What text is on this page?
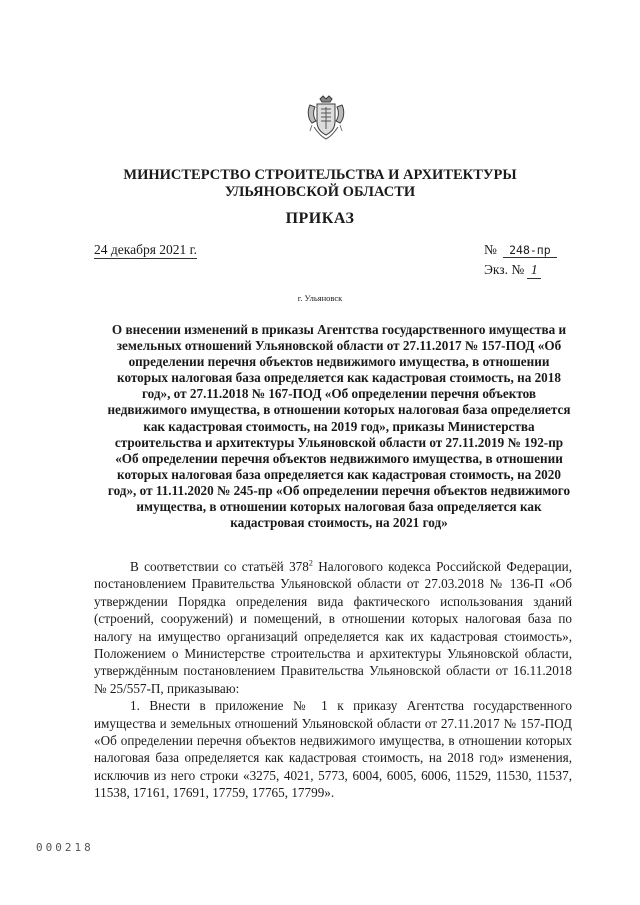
МИНИСТЕРСТВО СТРОИТЕЛЬСТВА И АРХИТЕКТУРЫ
УЛЬЯНОВСКОЙ ОБЛАСТИ
ПРИКАЗ
24 декабря 2021 г.	№ 248-пр
Экз. № 1
г. Ульяновск
О внесении изменений в приказы Агентства государственного имущества и земельных отношений Ульяновской области от 27.11.2017 № 157-ПОД «Об определении перечня объектов недвижимого имущества, в отношении которых налоговая база определяется как кадастровая стоимость, на 2018 год», от 27.11.2018 № 167-ПОД «Об определении перечня объектов недвижимого имущества, в отношении которых налоговая база определяется как кадастровая стоимость, на 2019 год», приказы Министерства строительства и архитектуры Ульяновской области от 27.11.2019 № 192-пр «Об определении перечня объектов недвижимого имущества, в отношении которых налоговая база определяется как кадастровая стоимость, на 2020 год», от 11.11.2020 № 245-пр «Об определении перечня объектов недвижимого имущества, в отношении которых налоговая база определяется как кадастровая стоимость, на 2021 год»

В соответствии со статьёй $378^2$ Налогового кодекса Российской Федерации, постановлением Правительства Ульяновской области от 27.03.2018 № 136-П «Об утверждении Порядка определения вида фактического использования зданий (строений, сооружений) и помещений, в отношении которых налоговая база по налогу на имущество организаций определяется как их кадастровая стоимость», Положением о Министерстве строительства и архитектуры Ульяновской области, утверждённым постановлением Правительства Ульяновской области от 16.11.2018 № 25/557-П, приказываю:

1. Внести в приложение № 1 к приказу Агентства государственного имущества и земельных отношений Ульяновской области от 27.11.2017 № 157-ПОД «Об определении перечня объектов недвижимого имущества, в отношении которых налоговая база определяется как кадастровая стоимость, на 2018 год» изменения, исключив из него строки «3275, 4021, 5773, 6004, 6005, 6006, 11529, 11530, 11537, 11538, 17161, 17691, 17759, 17765, 17799».

000218
